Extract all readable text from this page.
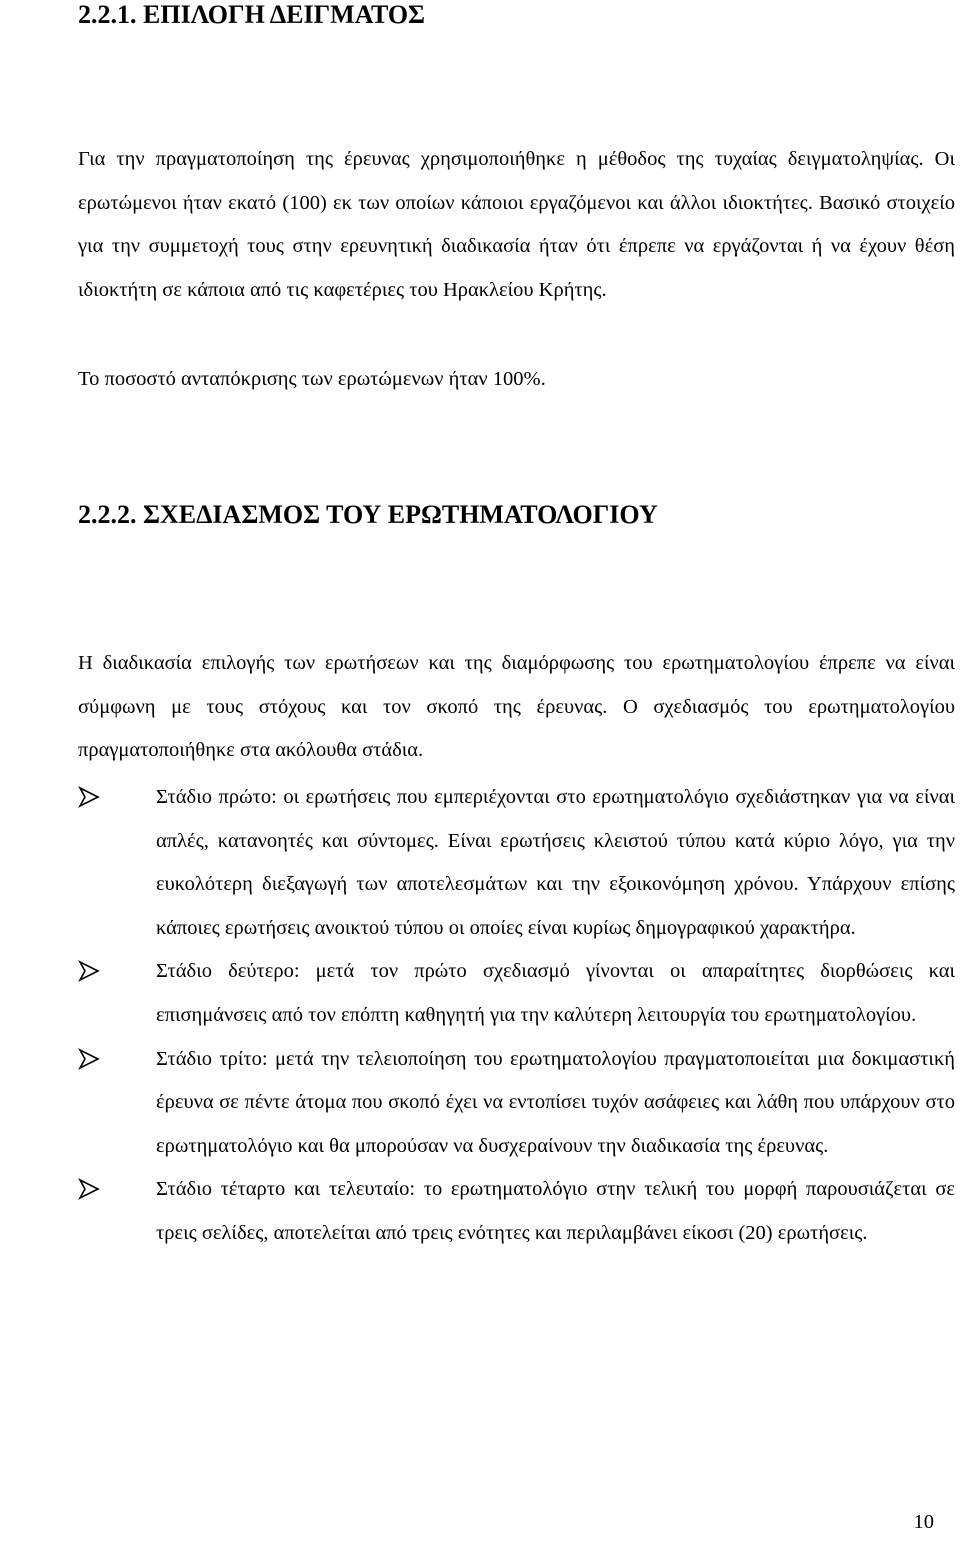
2.2.1. ΕΠΙΛΟΓΗ ΔΕΙΓΜΑΤΟΣ
Για την πραγματοποίηση της έρευνας χρησιμοποιήθηκε η μέθοδος της τυχαίας δειγματοληψίας. Οι ερωτώμενοι ήταν εκατό (100) εκ των οποίων κάποιοι εργαζόμενοι και άλλοι ιδιοκτήτες. Βασικό στοιχείο για την συμμετοχή τους στην ερευνητική διαδικασία ήταν ότι έπρεπε να εργάζονται ή να έχουν θέση ιδιοκτήτη σε κάποια από τις καφετέριες του Ηρακλείου Κρήτης.
Το ποσοστό ανταπόκρισης των ερωτώμενων ήταν 100%.
2.2.2. ΣΧΕΔΙΑΣΜΟΣ ΤΟΥ ΕΡΩΤΗΜΑΤΟΛΟΓΙΟΥ
Η διαδικασία επιλογής των ερωτήσεων και της διαμόρφωσης του ερωτηματολογίου έπρεπε να είναι σύμφωνη με τους στόχους και τον σκοπό της έρευνας. Ο σχεδιασμός του ερωτηματολογίου πραγματοποιήθηκε στα ακόλουθα στάδια.
Στάδιο πρώτο: οι ερωτήσεις που εμπεριέχονται στο ερωτηματολόγιο σχεδιάστηκαν για να είναι απλές, κατανοητές και σύντομες. Είναι ερωτήσεις κλειστού τύπου κατά κύριο λόγο, για την ευκολότερη διεξαγωγή των αποτελεσμάτων και την εξοικονόμηση χρόνου. Υπάρχουν επίσης κάποιες ερωτήσεις ανοικτού τύπου οι οποίες είναι κυρίως δημογραφικού χαρακτήρα.
Στάδιο δεύτερο: μετά τον πρώτο σχεδιασμό γίνονται οι απαραίτητες διορθώσεις και επισημάνσεις από τον επόπτη καθηγητή για την καλύτερη λειτουργία του ερωτηματολογίου.
Στάδιο τρίτο: μετά την τελειοποίηση του ερωτηματολογίου πραγματοποιείται μια δοκιμαστική έρευνα σε πέντε άτομα που σκοπό έχει να εντοπίσει τυχόν ασάφειες και λάθη που υπάρχουν στο ερωτηματολόγιο και θα μπορούσαν να δυσχεραίνουν την διαδικασία της έρευνας.
Στάδιο τέταρτο και τελευταίο: το ερωτηματολόγιο στην τελική του μορφή παρουσιάζεται σε τρεις σελίδες, αποτελείται από τρεις ενότητες και περιλαμβάνει είκοσι (20) ερωτήσεις.
10
